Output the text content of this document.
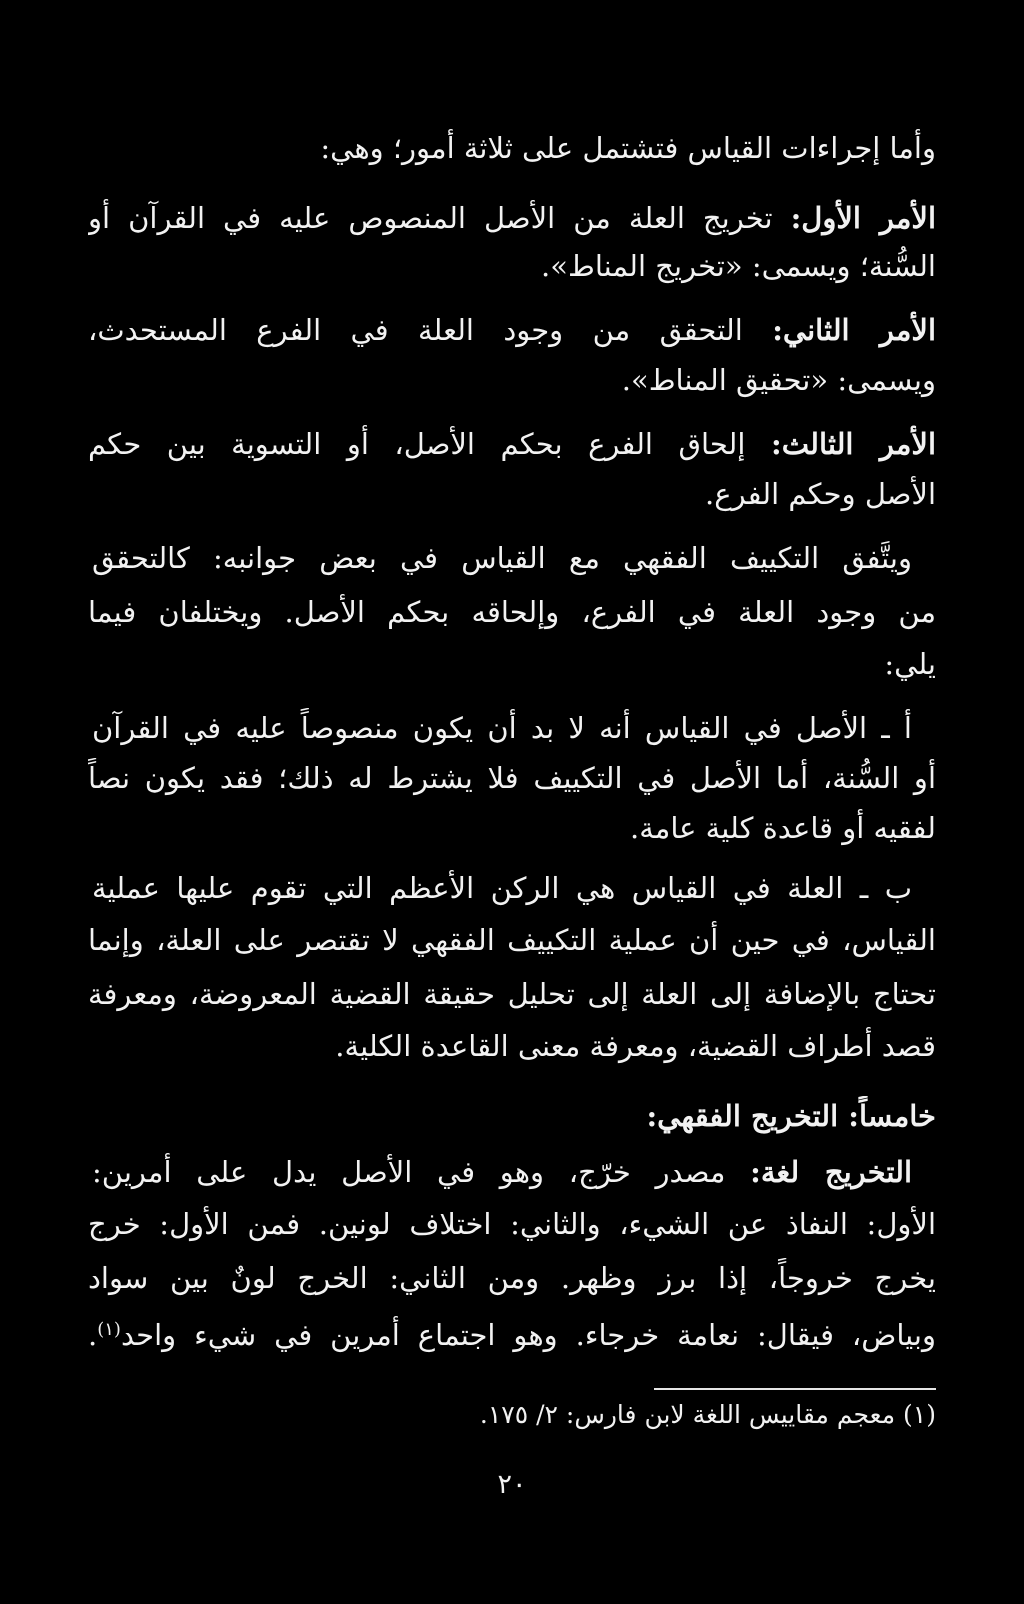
وأما إجراءات القياس فتشتمل على ثلاثة أمور؛ وهي:
الأمر الأول: تخريج العلة من الأصل المنصوص عليه في القرآن أو
السُّنة؛ ويسمى: «تخريج المناط».
الأمر الثاني: التحقق من وجود العلة في الفرع المستحدث،
ويسمى: «تحقيق المناط».
الأمر الثالث: إلحاق الفرع بحكم الأصل، أو التسوية بين حكم
الأصل وحكم الفرع.
ويتَّفق التكييف الفقهي مع القياس في بعض جوانبه: كالتحقق
من وجود العلة في الفرع، وإلحاقه بحكم الأصل. ويختلفان فيما
يلي:
أ ـ الأصل في القياس أنه لا بد أن يكون منصوصاً عليه في القرآن
أو السُّنة، أما الأصل في التكييف فلا يشترط له ذلك؛ فقد يكون نصاً
لفقيه أو قاعدة كلية عامة.
ب ـ العلة في القياس هي الركن الأعظم التي تقوم عليها عملية
القياس، في حين أن عملية التكييف الفقهي لا تقتصر على العلة، وإنما
تحتاج بالإضافة إلى العلة إلى تحليل حقيقة القضية المعروضة، ومعرفة
قصد أطراف القضية، ومعرفة معنى القاعدة الكلية.
خامساً: التخريج الفقهي:
التخريج لغة: مصدر خرّج، وهو في الأصل يدل على أمرين:
الأول: النفاذ عن الشيء، والثاني: اختلاف لونين. فمن الأول: خرج
يخرج خروجاً، إذا برز وظهر. ومن الثاني: الخرج لونٌ بين سواد
وبياض، فيقال: نعامة خرجاء. وهو اجتماع أمرين في شيء واحد$^{(١)}$.
(١) معجم مقاييس اللغة لابن فارس: ٢/ ١٧٥.
٢٠
